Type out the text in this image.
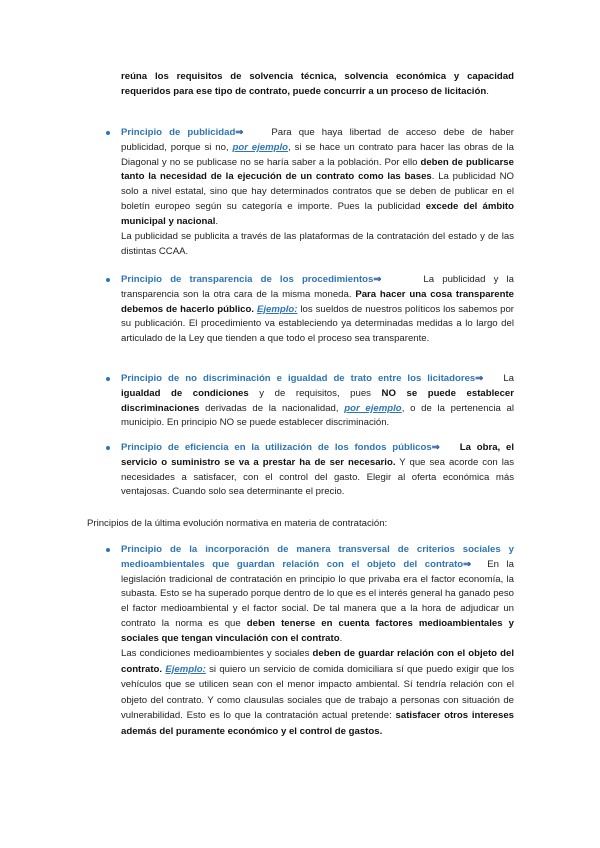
reúna los requisitos de solvencia técnica, solvencia económica y capacidad requeridos para ese tipo de contrato, puede concurrir a un proceso de licitación.
Principio de publicidad⇒	Para que haya libertad de acceso debe de haber publicidad, porque si no, por ejemplo, si se hace un contrato para hacer las obras de la Diagonal y no se publicase no se haría saber a la población. Por ello deben de publicarse tanto la necesidad de la ejecución de un contrato como las bases. La publicidad NO solo a nivel estatal, sino que hay determinados contratos que se deben de publicar en el boletín europeo según su categoría e importe. Pues la publicidad excede del ámbito municipal y nacional.
La publicidad se publicita a través de las plataformas de la contratación del estado y de las distintas CCAA.
Principio de transparencia de los procedimientos⇒	La publicidad y la transparencia son la otra cara de la misma moneda. Para hacer una cosa transparente debemos de hacerlo público. Ejemplo: los sueldos de nuestros políticos los sabemos por su publicación. El procedimiento va estableciendo ya determinadas medidas a lo largo del articulado de la Ley que tienden a que todo el proceso sea transparente.
Principio de no discriminación e igualdad de trato entre los licitadores⇒ La igualdad de condiciones y de requisitos, pues NO se puede establecer discriminaciones derivadas de la nacionalidad, por ejemplo, o de la pertenencia al municipio. En principio NO se puede establecer discriminación.
Principio de eficiencia en la utilización de los fondos públicos⇒ La obra, el servicio o suministro se va a prestar ha de ser necesario. Y que sea acorde con las necesidades a satisfacer, con el control del gasto. Elegir al oferta económica más ventajosas. Cuando solo sea determinante el precio.
Principios de la última evolución normativa en materia de contratación:
Principio de la incorporación de manera transversal de criterios sociales y medioambientales que guardan relación con el objeto del contrato⇒ En la legislación tradicional de contratación en principio lo que privaba era el factor economía, la subasta. Esto se ha superado porque dentro de lo que es el interés general ha ganado peso el factor medioambiental y el factor social. De tal manera que a la hora de adjudicar un contrato la norma es que deben tenerse en cuenta factores medioambientales y sociales que tengan vinculación con el contrato.
Las condiciones medioambientes y sociales deben de guardar relación con el objeto del contrato. Ejemplo: si quiero un servicio de comida domiciliara sí que puedo exigir que los vehículos que se utilicen sean con el menor impacto ambiental. Sí tendría relación con el objeto del contrato. Y como clausulas sociales que de trabajo a personas con situación de vulnerabilidad. Esto es lo que la contratación actual pretende: satisfacer otros intereses además del puramente económico y el control de gastos.
